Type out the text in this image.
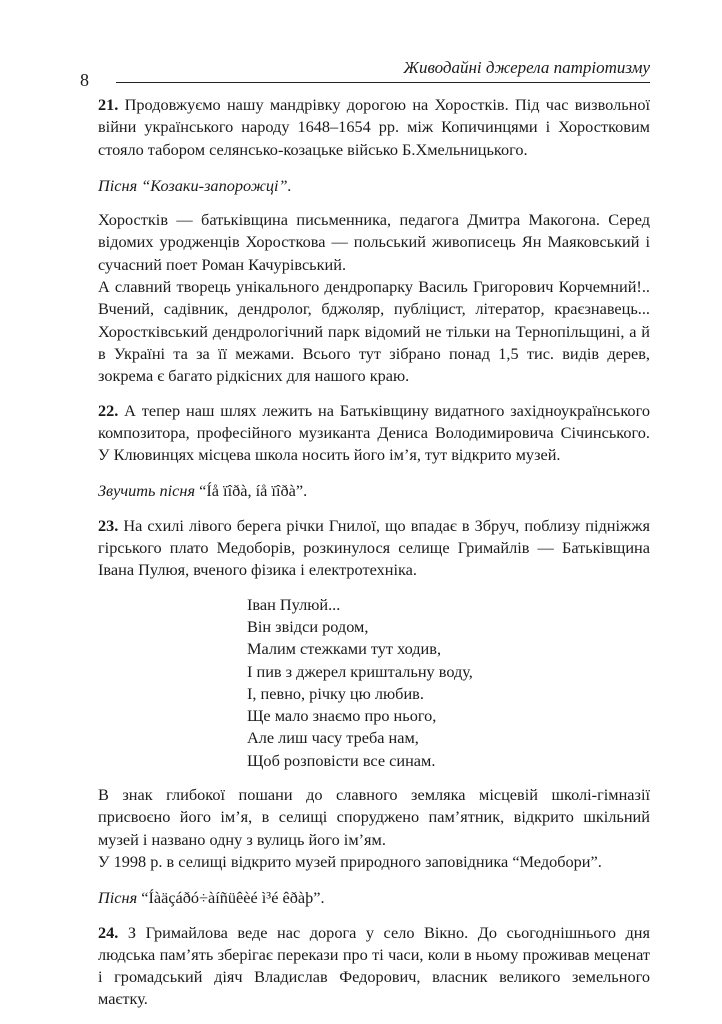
8
Живодайні джерела патріотизму

21. Продовжуємо нашу мандрівку дорогою на Хоростків. Під час визвольної війни українського народу 1648–1654 рр. між Копичинцями і Хоростковим стояло табором селянсько-козацьке військо Б.Хмельницького.

Пісня “Козаки-запорожці”.

Хоростків — батьківщина письменника, педагога Дмитра Макогона. Серед відомих уродженців Хоросткова — польський живописець Ян Маяковський і сучасний поет Роман Качурівський.

А славний творець унікального дендропарку Василь Григорович Корчемний!.. Вчений, садівник, дендролог, бджоляр, публіцист, літератор, краєзнавець... Хоростківський дендрологічний парк відомий не тільки на Тернопільщині, а й в Україні та за її межами. Всього тут зібрано понад 1,5 тис. видів дерев, зокрема є багато рідкісних для нашого краю.

22. А тепер наш шлях лежить на Батьківщину видатного західноукраїнського композитора, професійного музиканта Дениса Володимировича Січинського. У Клювинцях місцева школа носить його ім’я, тут відкрито музей.

Звучить пісня “Íå ïîðà, íå ïîðà”.

23. На схилі лівого берега річки Гнилої, що впадає в Збруч, поблизу підніжжя гірського плато Медоборів, розкинулося селище Гримайлів — Батьківщина Івана Пулюя, вченого фізика і електротехніка.

Іван Пулюй...
Він звідси родом,
Малим стежками тут ходив,
І пив з джерел криштальну воду,
І, певно, річку цю любив.
Ще мало знаємо про нього,
Але лиш часу треба нам,
Щоб розповісти все синам.

В знак глибокої пошани до славного земляка місцевій школі-гімназії присвоєно його ім’я, в селищі споруджено пам’ятник, відкрито шкільний музей і названо одну з вулиць його ім’ям.

У 1998 р. в селищі відкрито музей природного заповідника “Медобори”.

Пісня “Íàäçáðó÷àíñüêèé ì³é êðàþ”.

24. З Гримайлова веде нас дорога у село Вікно. До сьогоднішнього дня людська пам’ять зберігає перекази про ті часи, коли в ньому проживав меценат і громадський діяч Владислав Федорович, власник великого земельного маєтку.
